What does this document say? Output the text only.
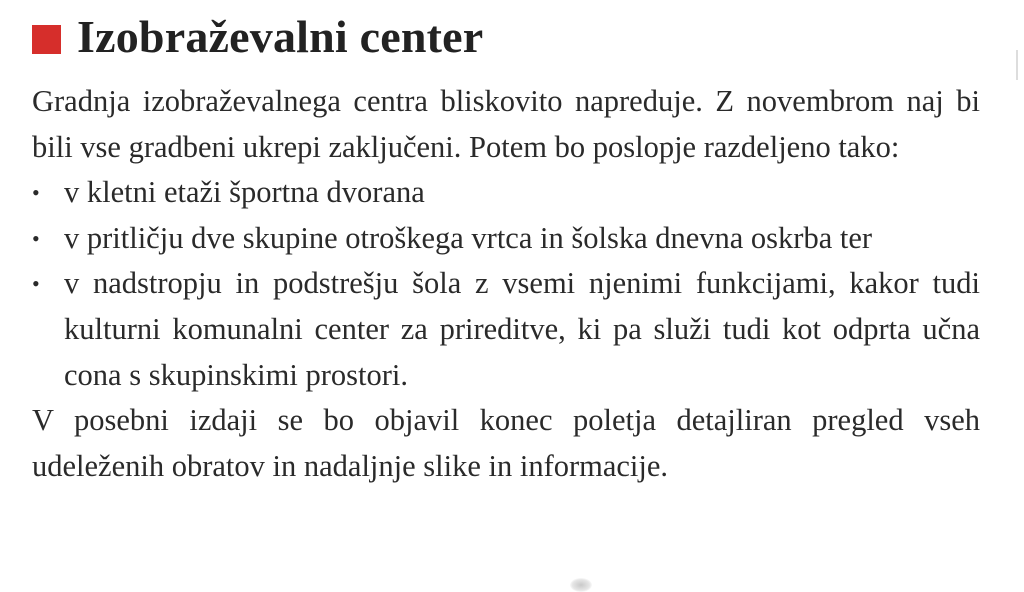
Izobraževalni center

Gradnja izobraževalnega centra bliskovito napreduje. Z novembrom naj bi bili vse gradbeni ukrepi zaključeni. Potem bo poslopje razdeljeno tako:

• v kletni etaži športna dvorana
• v pritličju dve skupine otroškega vrtca in šolska dnevna oskrba ter
• v nadstropju in podstrešju šola z vsemi njenimi funkcijami, kakor tudi kulturni komunalni center za prireditve, ki pa služi tudi kot odprta učna cona s skupinskimi prostori.

V posebni izdaji se bo objavil konec poletja detajliran pregled vseh udeleženih obratov in nadaljnje slike in informacije.
